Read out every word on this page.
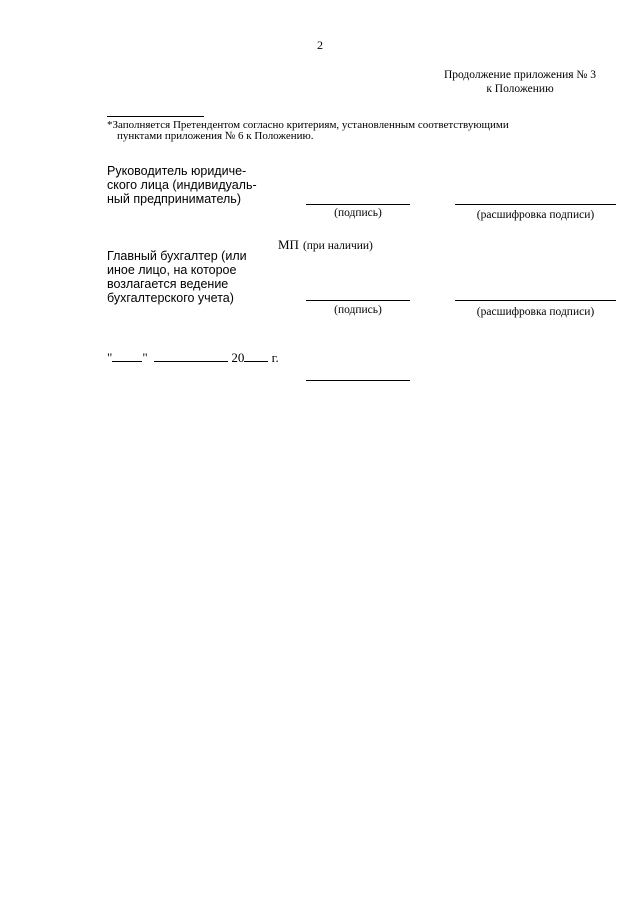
2
Продолжение приложения № 3
к Положению
*Заполняется Претендентом согласно критериям, установленным соответствующими
пунктами приложения № 6 к Положению.
Руководитель юридиче-
ского лица (индивидуаль-
ный предприниматель)
(подпись)	(расшифровка подписи)
МП (при наличии)
Главный бухгалтер (или
иное лицо, на которое
возлагается ведение
бухгалтерского учета)
(подпись)	(расшифровка подписи)
" "	20 г.
